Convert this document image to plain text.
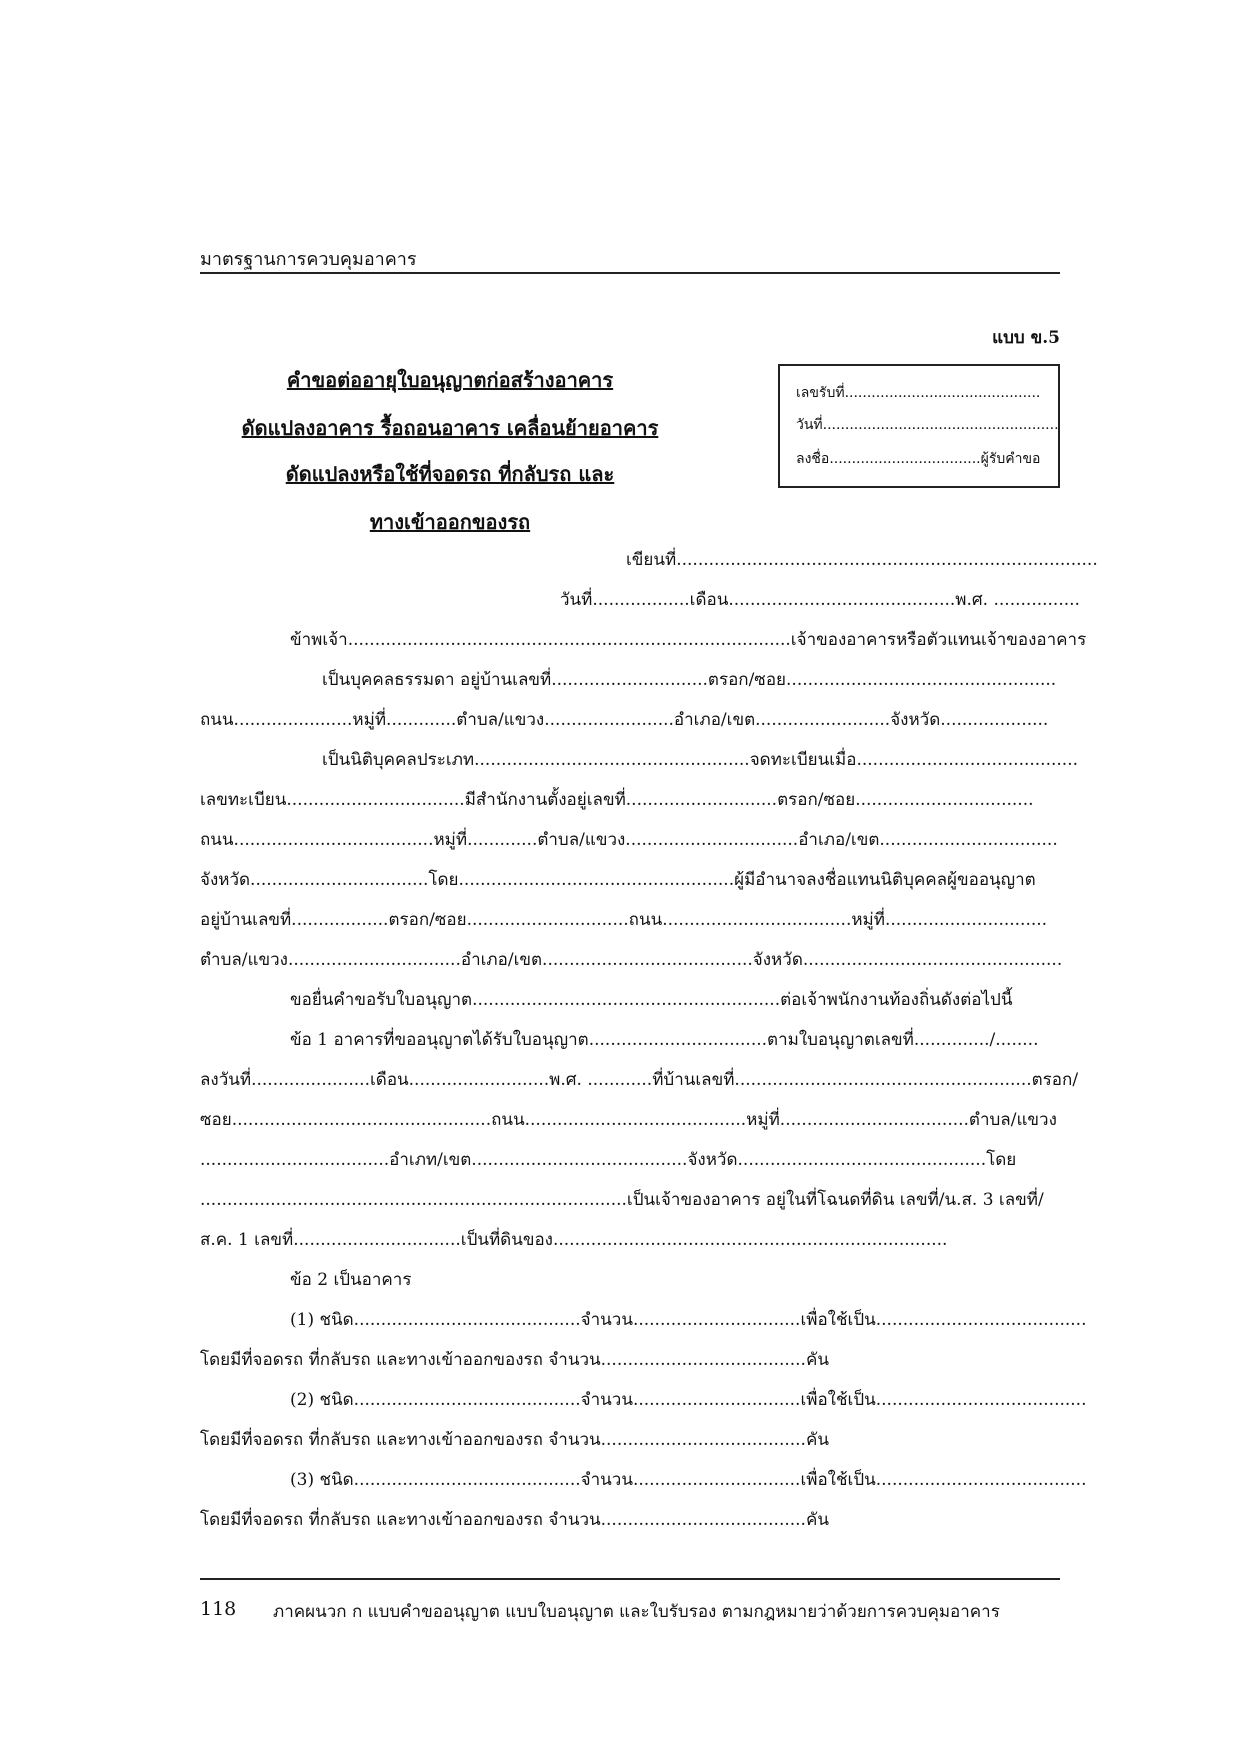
มาตรฐานการควบคุมอาคาร
แบบ ข.5
คำขอต่ออายุใบอนุญาตก่อสร้างอาคาร
ดัดแปลงอาคาร รื้อถอนอาคาร เคลื่อนย้ายอาคาร
ดัดแปลงหรือใช้ที่จอดรถ ที่กลับรถ และ
ทางเข้าออกของรถ
เลขรับที่............................................
วันที่.....................................................
ลงชื่อ..................................ผู้รับคำขอ
เขียนที่..............................................................................
วันที่..................เดือน..........................................พ.ศ. ................
ข้าพเจ้า..................................................................................เจ้าของอาคารหรือตัวแทนเจ้าของอาคาร
เป็นบุคคลธรรมดา อยู่บ้านเลขที่.............................ตรอก/ซอย..................................................
ถนน......................หมู่ที่.............ตำบล/แขวง........................อำเภอ/เขต.........................จังหวัด....................
เป็นนิติบุคคลประเภท...................................................จดทะเบียนเมื่อ.........................................
เลขทะเบียน.................................มีสำนักงานตั้งอยู่เลขที่............................ตรอก/ซอย.................................
ถนน.....................................หมู่ที่.............ตำบล/แขวง................................อำเภอ/เขต.................................
จังหวัด.................................โดย...................................................ผู้มีอำนาจลงชื่อแทนนิติบุคคลผู้ขออนุญาต
อยู่บ้านเลขที่..................ตรอก/ซอย..............................ถนน...................................หมู่ที่..............................
ตำบล/แขวง................................อำเภอ/เขต.......................................จังหวัด................................................
ขอยื่นคำขอรับใบอนุญาต.........................................................ต่อเจ้าพนักงานท้องถิ่นดังต่อไปนี้
ข้อ 1 อาคารที่ขออนุญาตได้รับใบอนุญาต.................................ตามใบอนุญาตเลขที่............../........
ลงวันที่......................เดือน..........................พ.ศ. ............ที่บ้านเลขที่.......................................................ตรอก/
ซอย................................................ถนน.........................................หมู่ที่...................................ตำบล/แขวง
...................................อำเภท/เขต........................................จังหวัด..............................................โดย
...............................................................................เป็นเจ้าของอาคาร อยู่ในที่โฉนดที่ดิน เลขที่/น.ส. 3 เลขที่/
ส.ค. 1 เลขที่...............................เป็นที่ดินของ.........................................................................
ข้อ 2 เป็นอาคาร
(1) ชนิด..........................................จำนวน...............................เพื่อใช้เป็น.......................................
โดยมีที่จอดรถ ที่กลับรถ และทางเข้าออกของรถ จำนวน......................................คัน
(2) ชนิด..........................................จำนวน...............................เพื่อใช้เป็น.......................................
โดยมีที่จอดรถ ที่กลับรถ และทางเข้าออกของรถ จำนวน......................................คัน
(3) ชนิด..........................................จำนวน...............................เพื่อใช้เป็น.......................................
โดยมีที่จอดรถ ที่กลับรถ และทางเข้าออกของรถ จำนวน......................................คัน
118 ภาคผนวก ก แบบคำขออนุญาต แบบใบอนุญาต และใบรับรอง ตามกฎหมายว่าด้วยการควบคุมอาคาร
